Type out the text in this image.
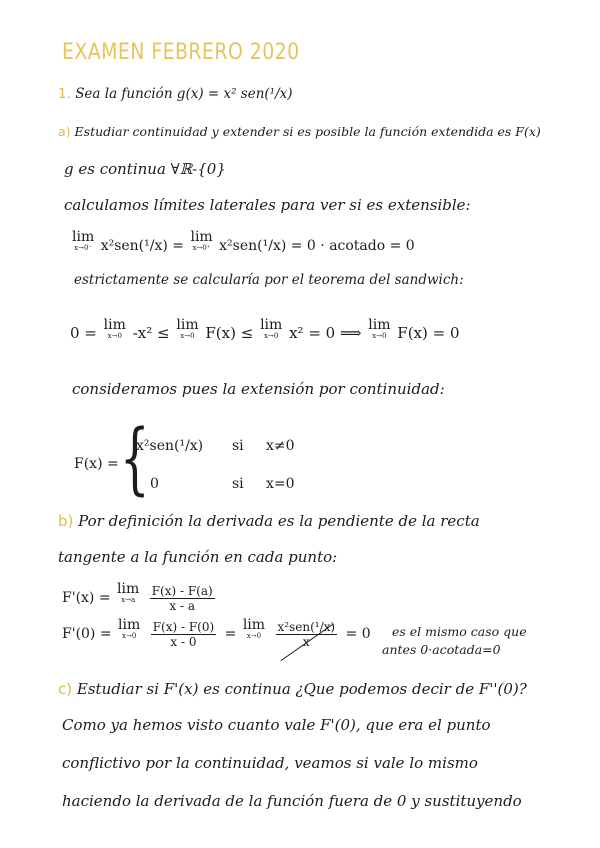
EXAMEN FEBRERO 2020
1. Sea la función g(x) = x² sen(¹/x)
a) Estudiar continuidad y extender si es posible la función extendida es F(x)
g es continua ∀ℝ-{0}
calculamos límites laterales para ver si es extensible:
lim
x→0⁻ x²sen(¹/x) =
lim
x→0⁺ x²sen(¹/x) = 0 · acotado = 0
estrictamente se calcularía por el teorema del sandwich:
0 = lim
x→0 -x² ≤ lim
x→0 F(x) ≤ lim
x→0 x² = 0 ⟹ lim
x→0 F(x) = 0
consideramos pues la extensión por continuidad:
F(x) = {
x²sen(¹/x) si x≠0
0	si x=0
b) Por definición la derivada es la pendiente de la recta
tangente a la función en cada punto:
F'(x) =
lim
x→a
	$\frac{F(x) - F(a)}{x - a}$
F'(0) =
lim
x→0
	$\frac{F(x) - F(0)}{x - 0}$ =
lim
x→0
	$\frac{\text{x²sen(¹/x)}}{x} = 0$ es el mismo caso que
antes 0·acotada=0
c) Estudiar si F'(x) es continua ¿Que podemos decir de F''(0)?
Como ya hemos visto cuanto vale F'(0), que era el punto
conflictivo por la continuidad, veamos si vale lo mismo
haciendo la derivada de la función fuera de 0 y sustituyendo
